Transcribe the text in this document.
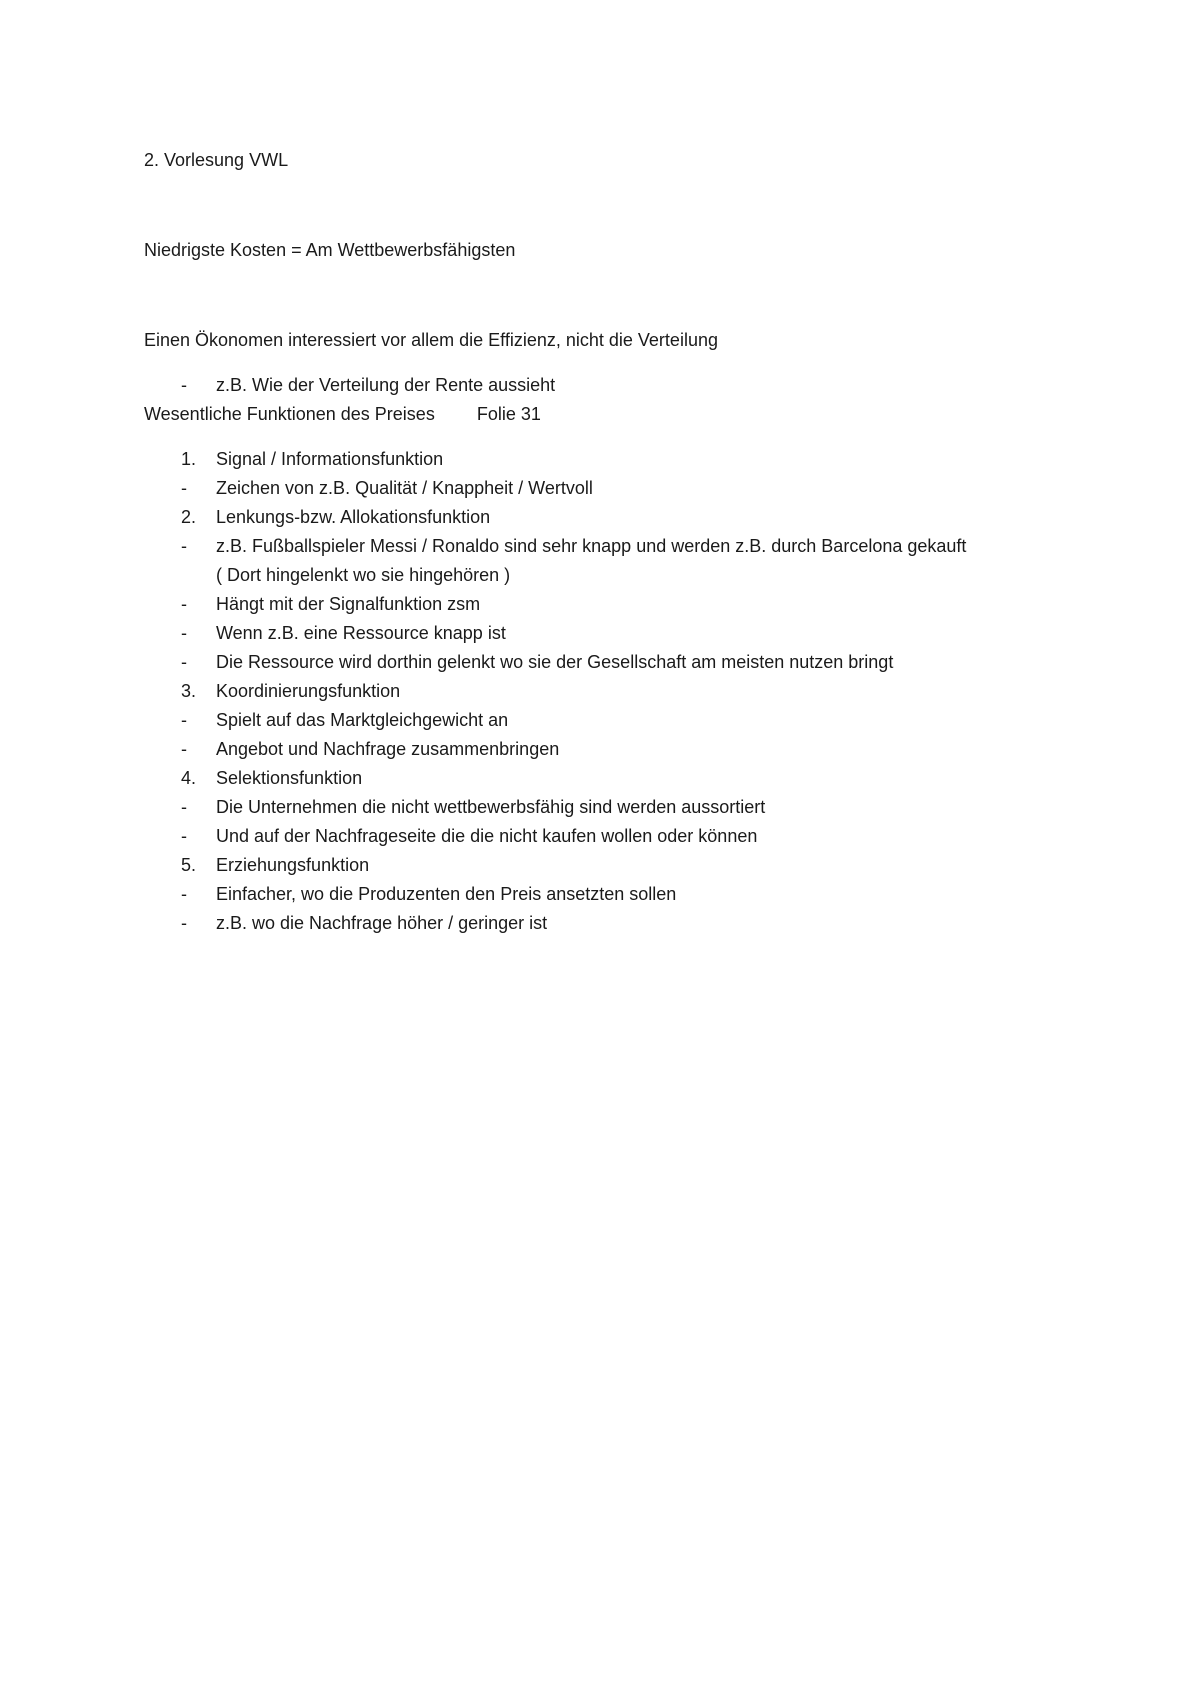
2. Vorlesung VWL

Niedrigste Kosten = Am Wettbewerbsfähigsten

Einen Ökonomen interessiert vor allem die Effizienz, nicht die Verteilung

-	z.B. Wie der Verteilung der Rente aussieht
Wesentliche Funktionen des Preises Folie 31
1.	Signal / Informationsfunktion
-	Zeichen von z.B. Qualität / Knappheit / Wertvoll
2.	Lenkungs-bzw. Allokationsfunktion
-	z.B. Fußballspieler Messi / Ronaldo sind sehr knapp und werden z.B. durch Barcelona gekauft
( Dort hingelenkt wo sie hingehören )
-	Hängt mit der Signalfunktion zsm
-	Wenn z.B. eine Ressource knapp ist
-	Die Ressource wird dorthin gelenkt wo sie der Gesellschaft am meisten nutzen bringt
3.	Koordinierungsfunktion
-	Spielt auf das Marktgleichgewicht an
-	Angebot und Nachfrage zusammenbringen
4.	Selektionsfunktion
-	Die Unternehmen die nicht wettbewerbsfähig sind werden aussortiert
-	Und auf der Nachfrageseite die die nicht kaufen wollen oder können
5.	Erziehungsfunktion
-	Einfacher, wo die Produzenten den Preis ansetzten sollen
-	z.B. wo die Nachfrage höher / geringer ist
